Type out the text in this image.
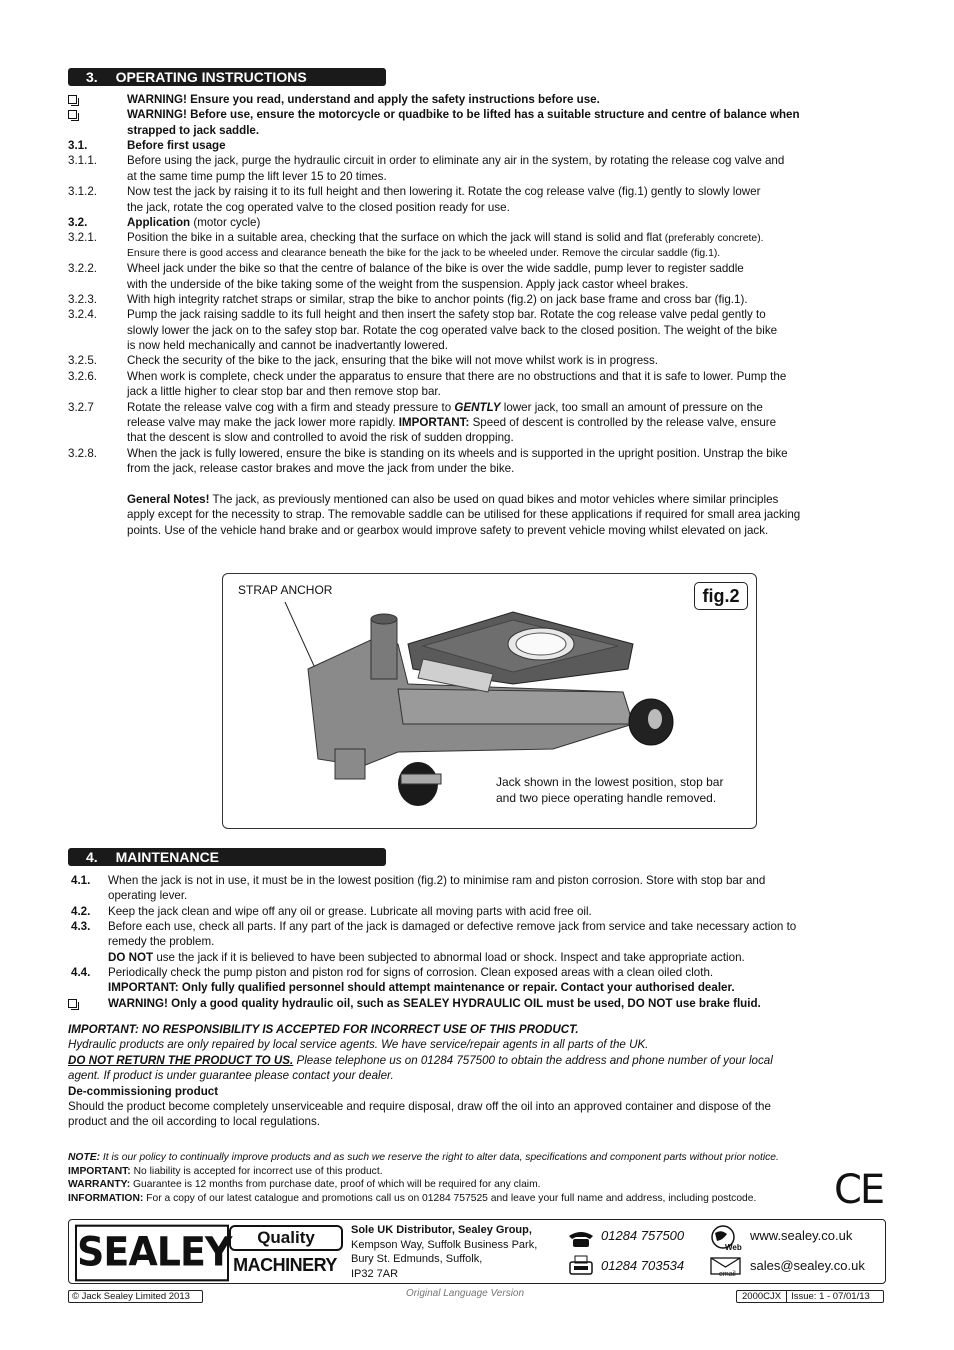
3. OPERATING INSTRUCTIONS
WARNING! Ensure you read, understand and apply the safety instructions before use.
WARNING! Before use, ensure the motorcycle or quadbike to be lifted has a suitable structure and centre of balance when
strapped to jack saddle.
3.1.	Before first usage
3.1.1.	Before using the jack, purge the hydraulic circuit in order to eliminate any air in the system, by rotating the release cog valve and
at the same time pump the lift lever 15 to 20 times.
3.1.2.	Now test the jack by raising it to its full height and then lowering it. Rotate the cog release valve (fig.1) gently to slowly lower
the jack, rotate the cog operated valve to the closed position ready for use.
3.2.	Application (motor cycle)
3.2.1.	Position the bike in a suitable area, checking that the surface on which the jack will stand is solid and flat (preferably concrete).
Ensure there is good access and clearance beneath the bike for the jack to be wheeled under. Remove the circular saddle (fig.1).
3.2.2.	Wheel jack under the bike so that the centre of balance of the bike is over the wide saddle, pump lever to register saddle
with the underside of the bike taking some of the weight from the suspension. Apply jack castor wheel brakes.
3.2.3.	With high integrity ratchet straps or similar, strap the bike to anchor points (fig.2) on jack base frame and cross bar (fig.1).
3.2.4.	Pump the jack raising saddle to its full height and then insert the safety stop bar. Rotate the cog release valve pedal gently to
slowly lower the jack on to the safey stop bar. Rotate the cog operated valve back to the closed position. The weight of the bike
is now held mechanically and cannot be inadvertantly lowered.
3.2.5.	Check the security of the bike to the jack, ensuring that the bike will not move whilst work is in progress.
3.2.6.	When work is complete, check under the apparatus to ensure that there are no obstructions and that it is safe to lower. Pump the
jack a little higher to clear stop bar and then remove stop bar.
3.2.7	Rotate the release valve cog with a firm and steady pressure to GENTLY lower jack, too small an amount of pressure on the
release valve may make the jack lower more rapidly. IMPORTANT: Speed of descent is controlled by the release valve, ensure
that the descent is slow and controlled to avoid the risk of sudden dropping.
3.2.8.	When the jack is fully lowered, ensure the bike is standing on its wheels and is supported in the upright position. Unstrap the bike
from the jack, release castor brakes and move the jack from under the bike.
General Notes! The jack, as previously mentioned can also be used on quad bikes and motor vehicles where similar principles
apply except for the necessity to strap. The removable saddle can be utilised for these applications if required for small area jacking
points. Use of the vehicle hand brake and or gearbox would improve safety to prevent vehicle moving whilst elevated on jack.
fig.2
STRAP ANCHOR
Jack shown in the lowest position, stop bar
and two piece operating handle removed.
4. MAINTENANCE
4.1. When the jack is not in use, it must be in the lowest position (fig.2) to minimise ram and piston corrosion. Store with stop bar and
operating lever.
4.2. Keep the jack clean and wipe off any oil or grease. Lubricate all moving parts with acid free oil.
4.3. Before each use, check all parts. If any part of the jack is damaged or defective remove jack from service and take necessary action to
remedy the problem.
DO NOT use the jack if it is believed to have been subjected to abnormal load or shock. Inspect and take appropriate action.
4.4. Periodically check the pump piston and piston rod for signs of corrosion. Clean exposed areas with a clean oiled cloth.
IMPORTANT: Only fully qualified personnel should attempt maintenance or repair. Contact your authorised dealer.
WARNING! Only a good quality hydraulic oil, such as SEALEY HYDRAULIC OIL must be used, DO NOT use brake fluid.
IMPORTANT: NO RESPONSIBILITY IS ACCEPTED FOR INCORRECT USE OF THIS PRODUCT.
Hydraulic products are only repaired by local service agents. We have service/repair agents in all parts of the UK.
DO NOT RETURN THE PRODUCT TO US. Please telephone us on 01284 757500 to obtain the address and phone number of your local
agent. If product is under guarantee please contact your dealer.
De-commissioning product
Should the product become completely unserviceable and require disposal, draw off the oil into an approved container and dispose of the
product and the oil according to local regulations.
NOTE: It is our policy to continually improve products and as such we reserve the right to alter data, specifications and component parts without prior notice.
IMPORTANT: No liability is accepted for incorrect use of this product.
WARRANTY: Guarantee is 12 months from purchase date, proof of which will be required for any claim.
INFORMATION: For a copy of our latest catalogue and promotions call us on 01284 757525 and leave your full name and address, including postcode.	CE
SEALEY	Quality
MACHINERY
Sole UK Distributor, Sealey Group,
Kempson Way, Suffolk Business Park,
Bury St. Edmunds, Suffolk,
IP32 7AR
01284 757500
01284 703534
Web
www.sealey.co.uk
email
sales@sealey.co.uk
© Jack Sealey Limited 2013	Original Language Version	2000CJX	Issue: 1 - 07/01/13
